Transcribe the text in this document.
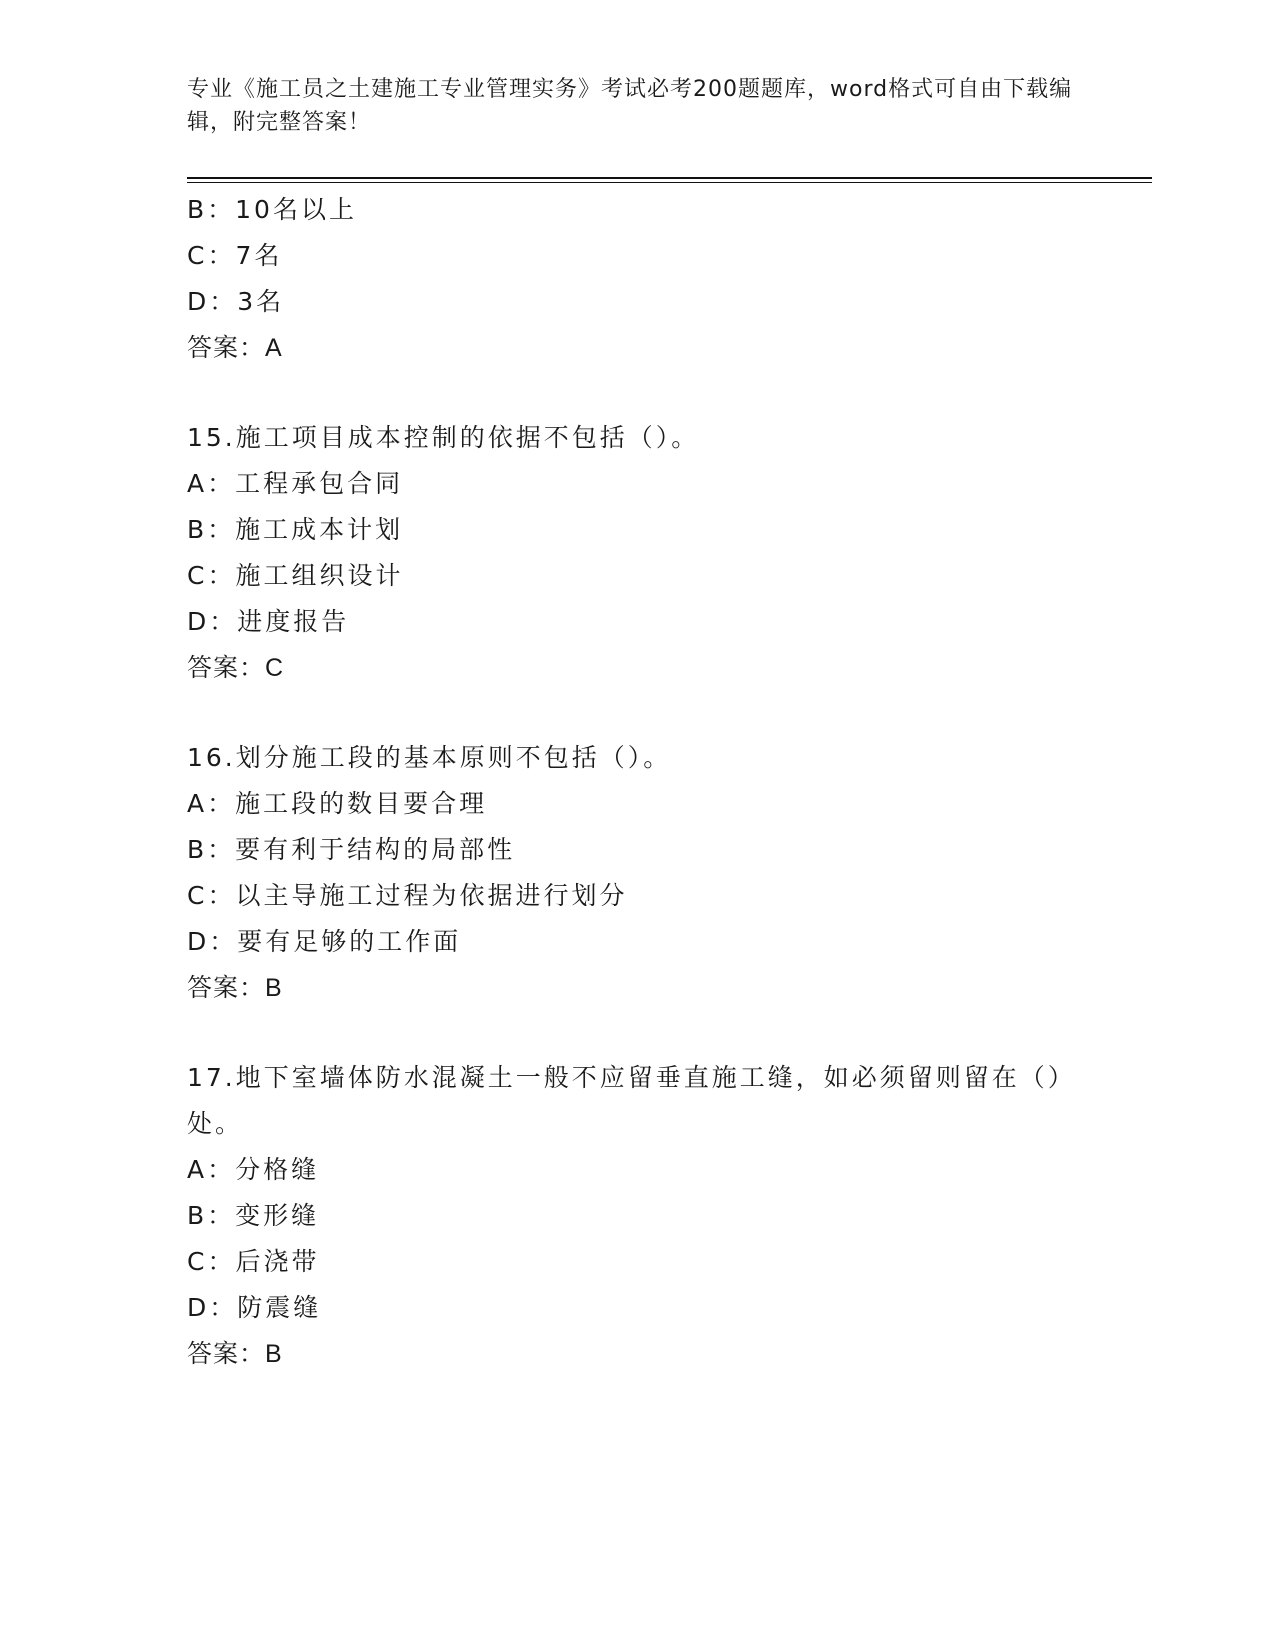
专业《施工员之土建施工专业管理实务》考试必考200题题库，word格式可自由下载编辑，附完整答案！
B：10名以上
C：7名
D：3名
答案：A
15.施工项目成本控制的依据不包括（）。
A：工程承包合同
B：施工成本计划
C：施工组织设计
D：进度报告
答案：C
16.划分施工段的基本原则不包括（）。
A：施工段的数目要合理
B：要有利于结构的局部性
C：以主导施工过程为依据进行划分
D：要有足够的工作面
答案：B
17.地下室墙体防水混凝土一般不应留垂直施工缝，如必须留则留在（）处。
A：分格缝
B：变形缝
C：后浇带
D：防震缝
答案：B
